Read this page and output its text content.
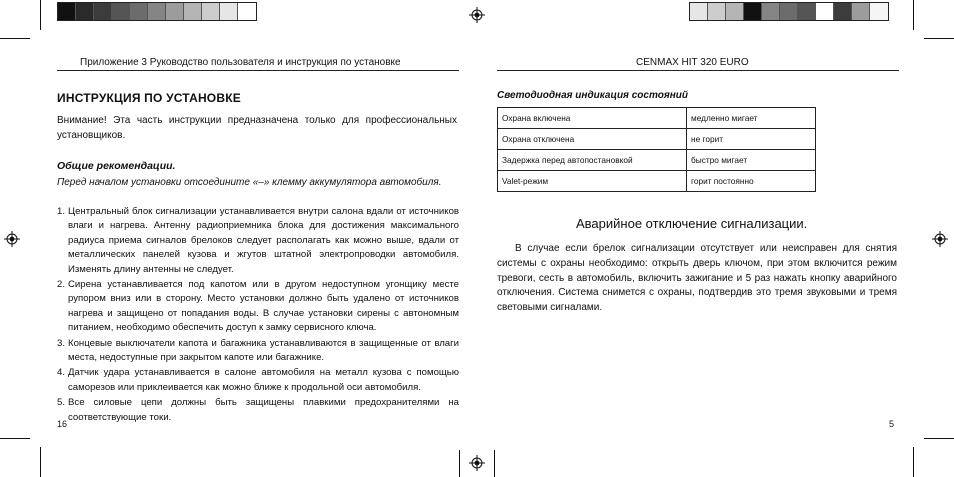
Приложение 3 Руководство пользователя и инструкция по установке	CENMAX HIT 320 EURO
ИНСТРУКЦИЯ ПО УСТАНОВКЕ
Внимание! Эта часть инструкции предназначена только для профессиональных установщиков.
Общие рекомендации.
Перед началом установки отсоедините «–» клемму аккумулятора автомобиля.
1. Центральный блок сигнализации устанавливается внутри салона вдали от источников влаги и нагрева. Антенну радиоприемника блока для достижения максимального радиуса приема сигналов брелоков следует располагать как можно выше, вдали от металлических панелей кузова и жгутов штатной электропроводки автомобиля. Изменять длину антенны не следует.
2. Сирена устанавливается под капотом или в другом недоступном угонщику месте рупором вниз или в сторону. Место установки должно быть удалено от источников нагрева и защищено от попадания воды. В случае установки сирены с автономным питанием, необходимо обеспечить доступ к замку сервисного ключа.
3. Концевые выключатели капота и багажника устанавливаются в защищенные от влаги места, недоступные при закрытом капоте или багажнике.
4. Датчик удара устанавливается в салоне автомобиля на металл кузова с помощью саморезов или приклеивается как можно ближе к продольной оси автомобиля.
5. Все силовые цепи должны быть защищены плавкими предохранителями на соответствующие токи.
16
Светодиодная индикация состояний
Охрана включена	медленно мигает
Охрана отключена	не горит
Задержка перед автопостановкой	быстро мигает
Valet-режим	горит постоянно
Аварийное отключение сигнализации.
В случае если брелок сигнализации отсутствует или неисправен для снятия системы с охраны необходимо: открыть дверь ключом, при этом включится режим тревоги, сесть в автомобиль, включить зажигание и 5 раз нажать кнопку аварийного отключения. Система снимется с охраны, подтвердив это тремя звуковыми и тремя световыми сигналами.
5
